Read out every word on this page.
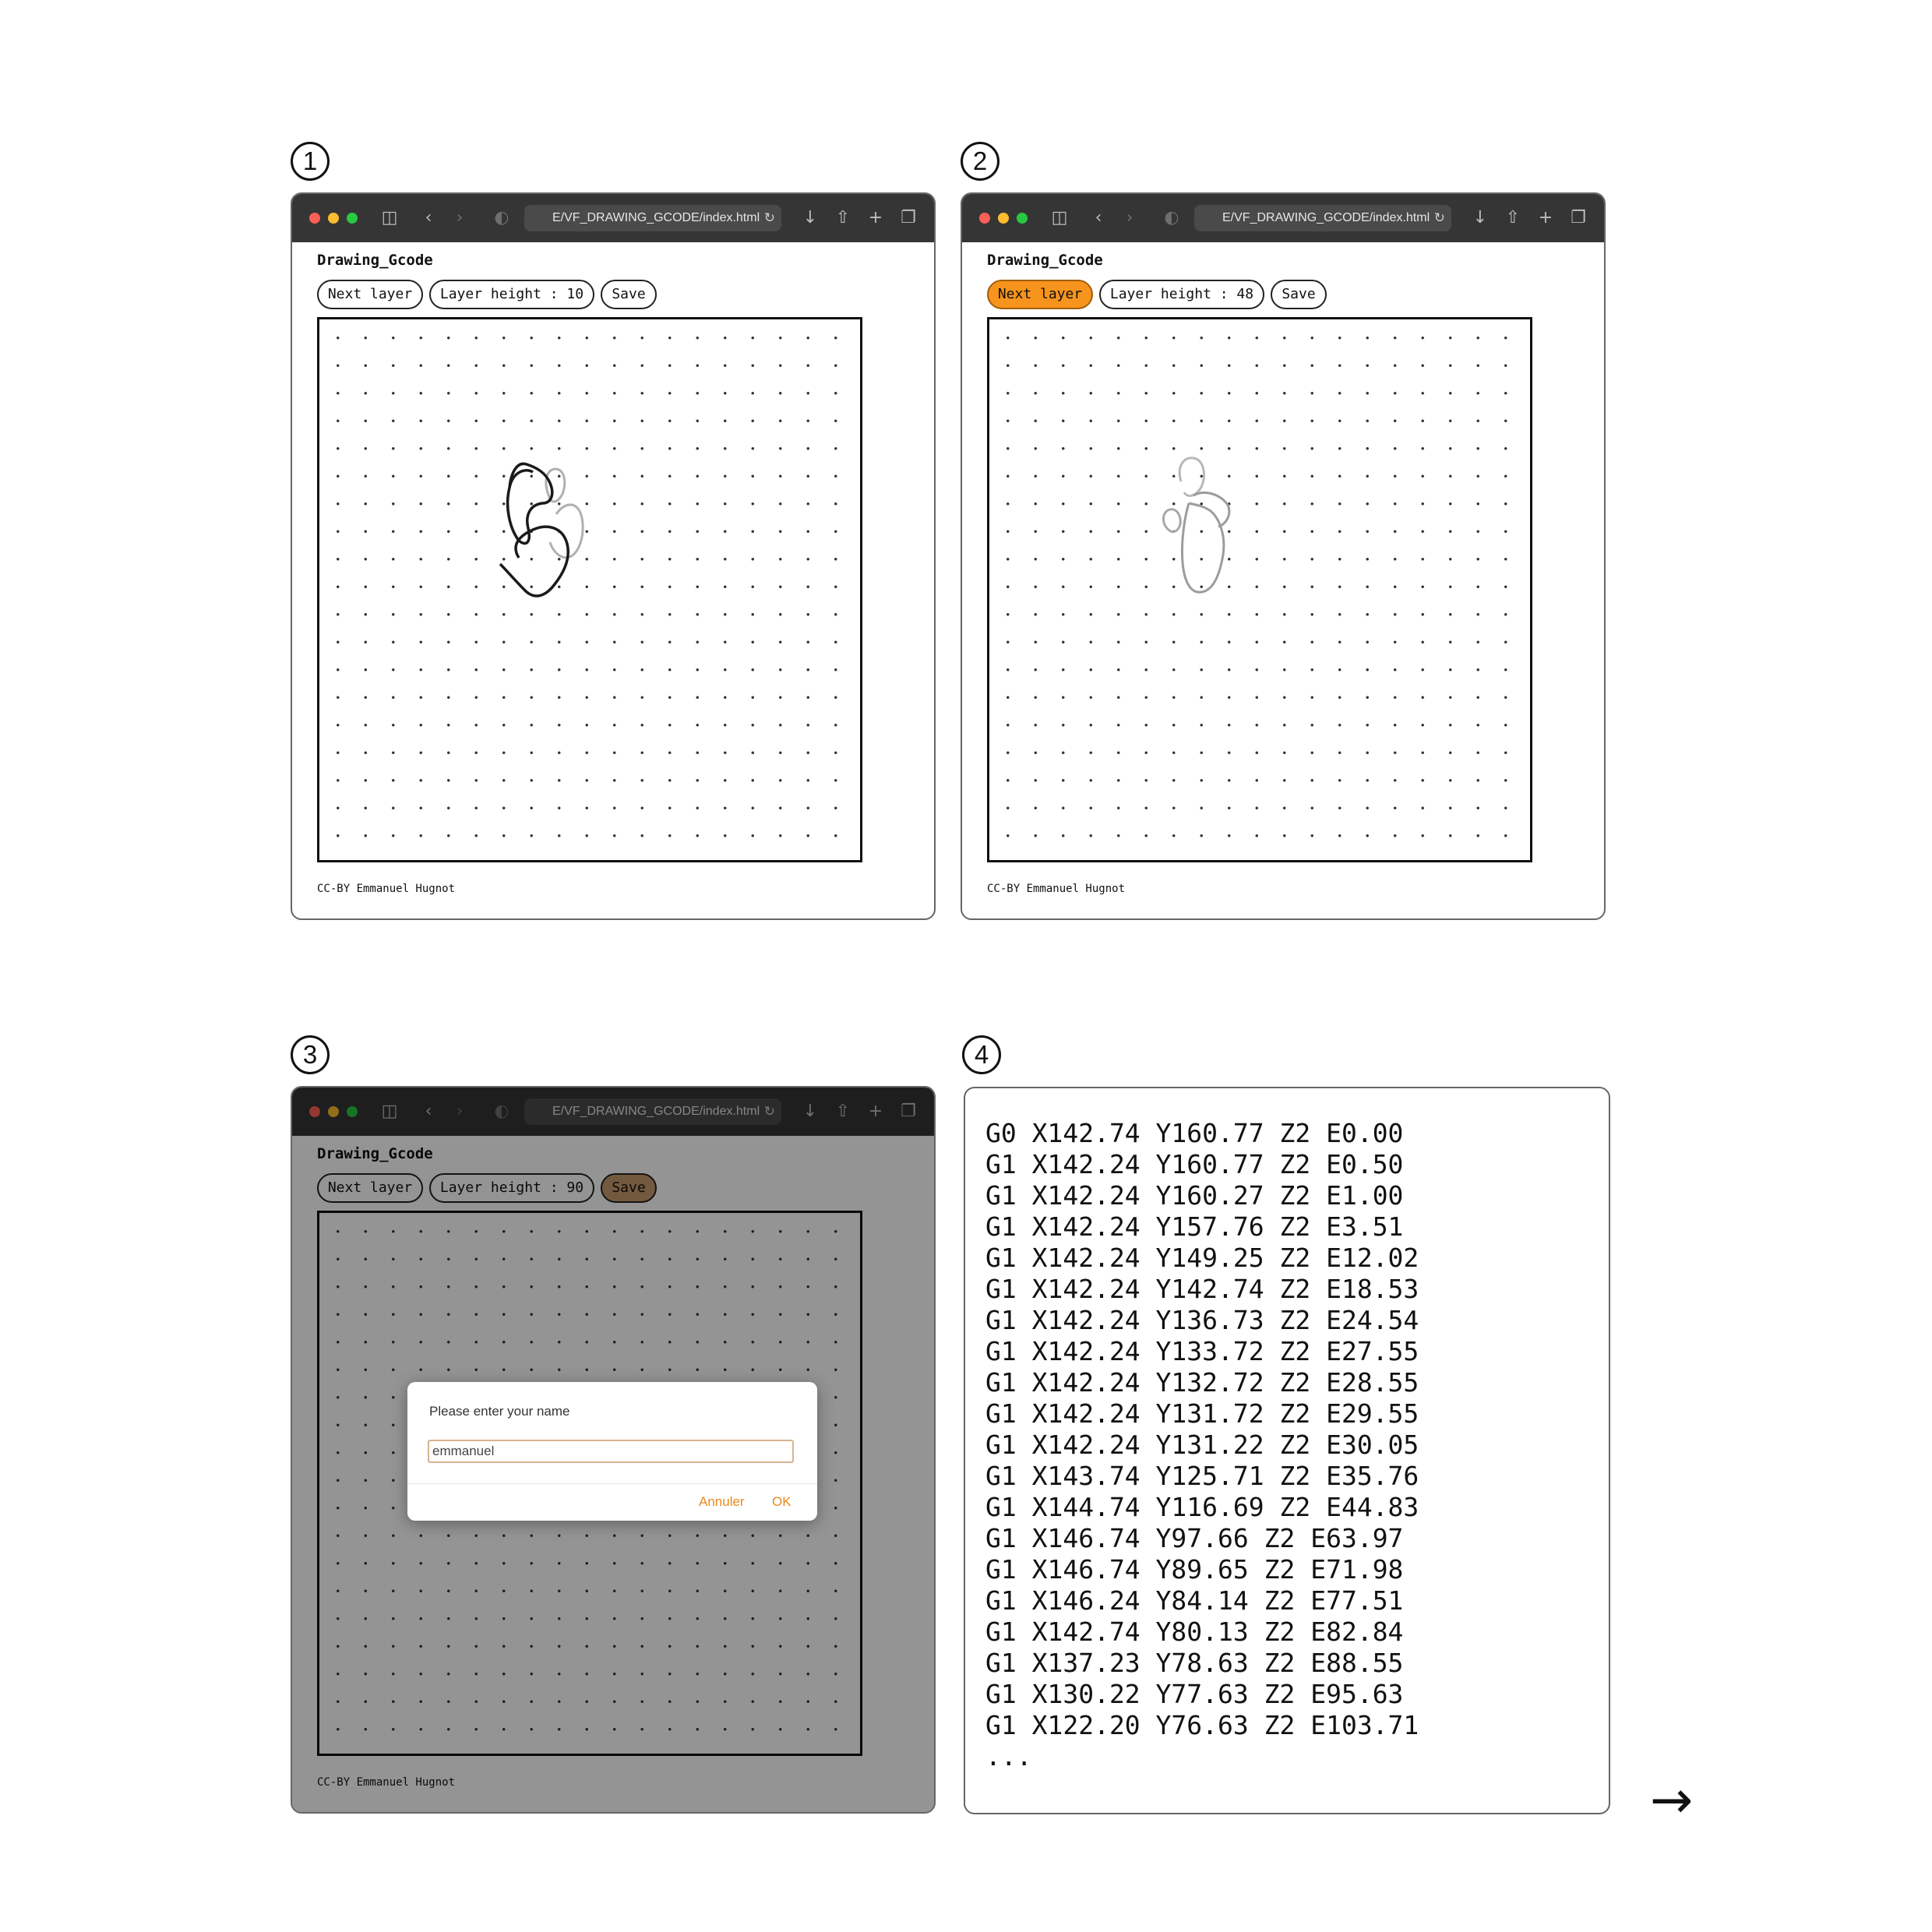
1	2
3	4
◫	‹	›	◐	E/VF_DRAWING_GCODE/index.html ↻ ↓ ⇧ + ❐
Drawing_Gcode
Next layer	Layer height : 10	Save
CC-BY Emmanuel Hugnot
◫	‹	›	◐	E/VF_DRAWING_GCODE/index.html ↻ ↓ ⇧ + ❐
Drawing_Gcode
Next layer	Layer height : 48	Save
CC-BY Emmanuel Hugnot
◫	‹	›	◐	E/VF_DRAWING_GCODE/index.html ↻ ↓ ⇧ + ❐
Drawing_Gcode
Next layer	Layer height : 90	Save
CC-BY Emmanuel Hugnot
Please enter your name
emmanuel
Annuler OK
G0 X142.74 Y160.77 Z2 E0.00
G1 X142.24 Y160.77 Z2 E0.50
G1 X142.24 Y160.27 Z2 E1.00
G1 X142.24 Y157.76 Z2 E3.51
G1 X142.24 Y149.25 Z2 E12.02
G1 X142.24 Y142.74 Z2 E18.53
G1 X142.24 Y136.73 Z2 E24.54
G1 X142.24 Y133.72 Z2 E27.55
G1 X142.24 Y132.72 Z2 E28.55
G1 X142.24 Y131.72 Z2 E29.55
G1 X142.24 Y131.22 Z2 E30.05
G1 X143.74 Y125.71 Z2 E35.76
G1 X144.74 Y116.69 Z2 E44.83
G1 X146.74 Y97.66 Z2 E63.97
G1 X146.74 Y89.65 Z2 E71.98
G1 X146.24 Y84.14 Z2 E77.51
G1 X142.74 Y80.13 Z2 E82.84
G1 X137.23 Y78.63 Z2 E88.55
G1 X130.22 Y77.63 Z2 E95.63
G1 X122.20 Y76.63 Z2 E103.71
...
→
